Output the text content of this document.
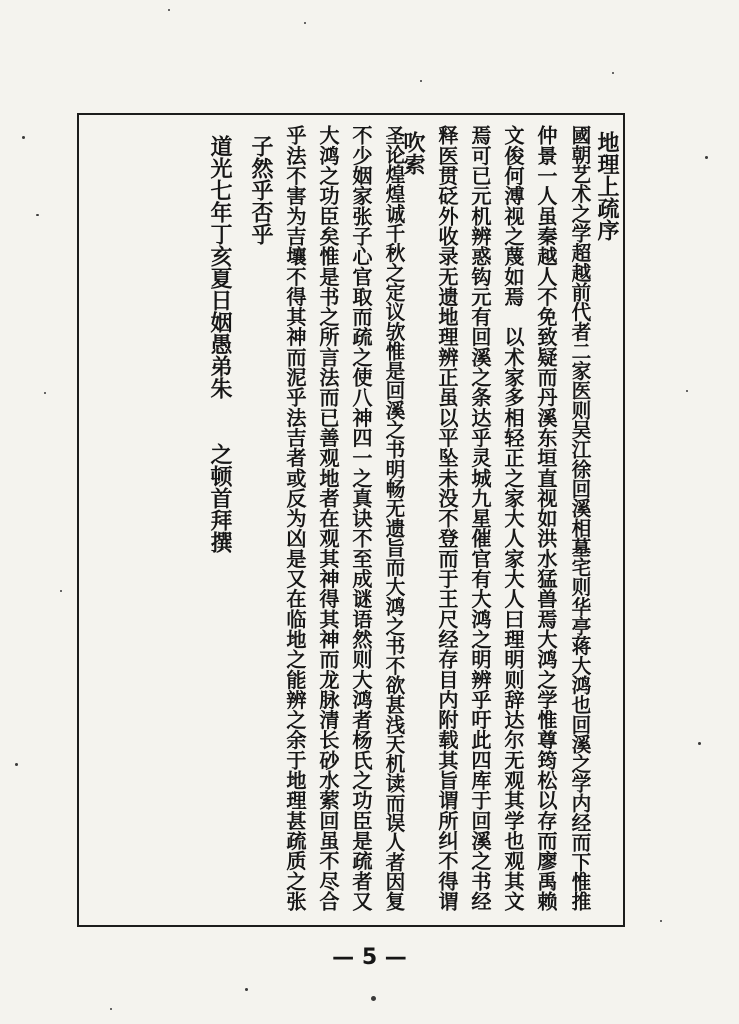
地理上疏序
國朝艺术之学超越前代者二家医则吴江徐回溪相墓宅则华亭蒋大鸿也回溪之学内经而下惟推
仲景一人虽秦越人不免致疑而丹溪东垣直视如洪水猛兽焉大鸿之学惟尊筠松以存而廖禹赖
文俊何溥视之蔑如焉　以术家多相轻正之家大人家大人曰理明则辞达尔无观其学也观其文
焉可已元机辨惑钩元有回溪之条达乎灵城九星催官有大鸿之明辨乎吁此四库于回溪之书经
释医贯砭外收录无遗地理辨正虽以平坠未没不登而于王尺经存目内附载其旨谓所纠不得谓
吹索
圣论煌煌诚千秋之定议欤惟是回溪之书明畅无遗旨而大鸿之书不欲甚浅天机读而误人者因复
不少姻家张子心官取而疏之使八神四一之真诀不至成谜语然则大鸿者杨氏之功臣是疏者又
大鸿之功臣矣惟是书之所言法而已善观地者在观其神得其神而龙脉清长砂水萦回虽不尽合
乎法不害为吉壤不得其神而泥乎法吉者或反为凶是又在临地之能辨之余于地理甚疏质之张
子然乎否乎
道光七年丁亥夏日姻愚弟朱　　之顿首拜撰
— 5 —
